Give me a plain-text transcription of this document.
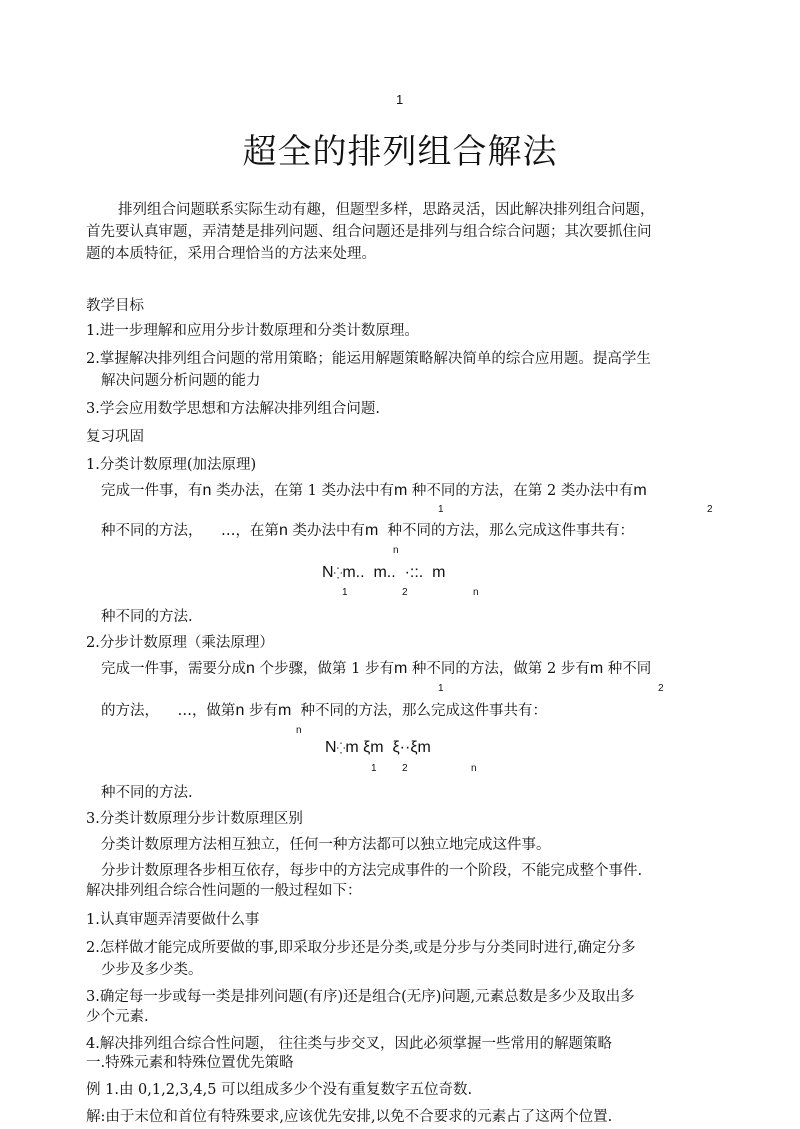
1
超全的排列组合解法
排列组合问题联系实际生动有趣，但题型多样，思路灵活，因此解决排列组合问题，
首先要认真审题，弄清楚是排列问题、组合问题还是排列与组合综合问题；其次要抓住问
题的本质特征，采用合理恰当的方法来处理。
教学目标
1.进一步理解和应用分步计数原理和分类计数原理。
2.掌握解决排列组合问题的常用策略；能运用解题策略解决简单的综合应用题。提高学生
解决问题分析问题的能力
3.学会应用数学思想和方法解决排列组合问题.
复习巩固
1.分类计数原理(加法原理)
完成一件事，有n 类办法，在第 1 类办法中有m 种不同的方法，在第 2 类办法中有m
1	2
种不同的方法， …，在第n 类办法中有m  种不同的方法，那么完成这件事共有：
n
N⁛m.. m.. ·::. m
1	2	n
种不同的方法.
2.分步计数原理（乘法原理）
完成一件事，需要分成n 个步骤，做第 1 步有m 种不同的方法，做第 2 步有m 种不同
1	2
的方法， …，做第n 步有m  种不同的方法，那么完成这件事共有：
n
N⁛m ξm ξ··ξm
1	2	n
种不同的方法.
3.分类计数原理分步计数原理区别
分类计数原理方法相互独立，任何一种方法都可以独立地完成这件事。
分步计数原理各步相互依存，每步中的方法完成事件的一个阶段，不能完成整个事件.
解决排列组合综合性问题的一般过程如下：
1.认真审题弄清要做什么事
2.怎样做才能完成所要做的事,即采取分步还是分类,或是分步与分类同时进行,确定分多
少步及多少类。
3.确定每一步或每一类是排列问题(有序)还是组合(无序)问题,元素总数是多少及取出多
少个元素.
4.解决排列组合综合性问题， 往往类与步交叉，因此必须掌握一些常用的解题策略
一.特殊元素和特殊位置优先策略
例 1.由 0,1,2,3,4,5 可以组成多少个没有重复数字五位奇数.
解:由于末位和首位有特殊要求,应该优先安排,以免不合要求的元素占了这两个位置.
